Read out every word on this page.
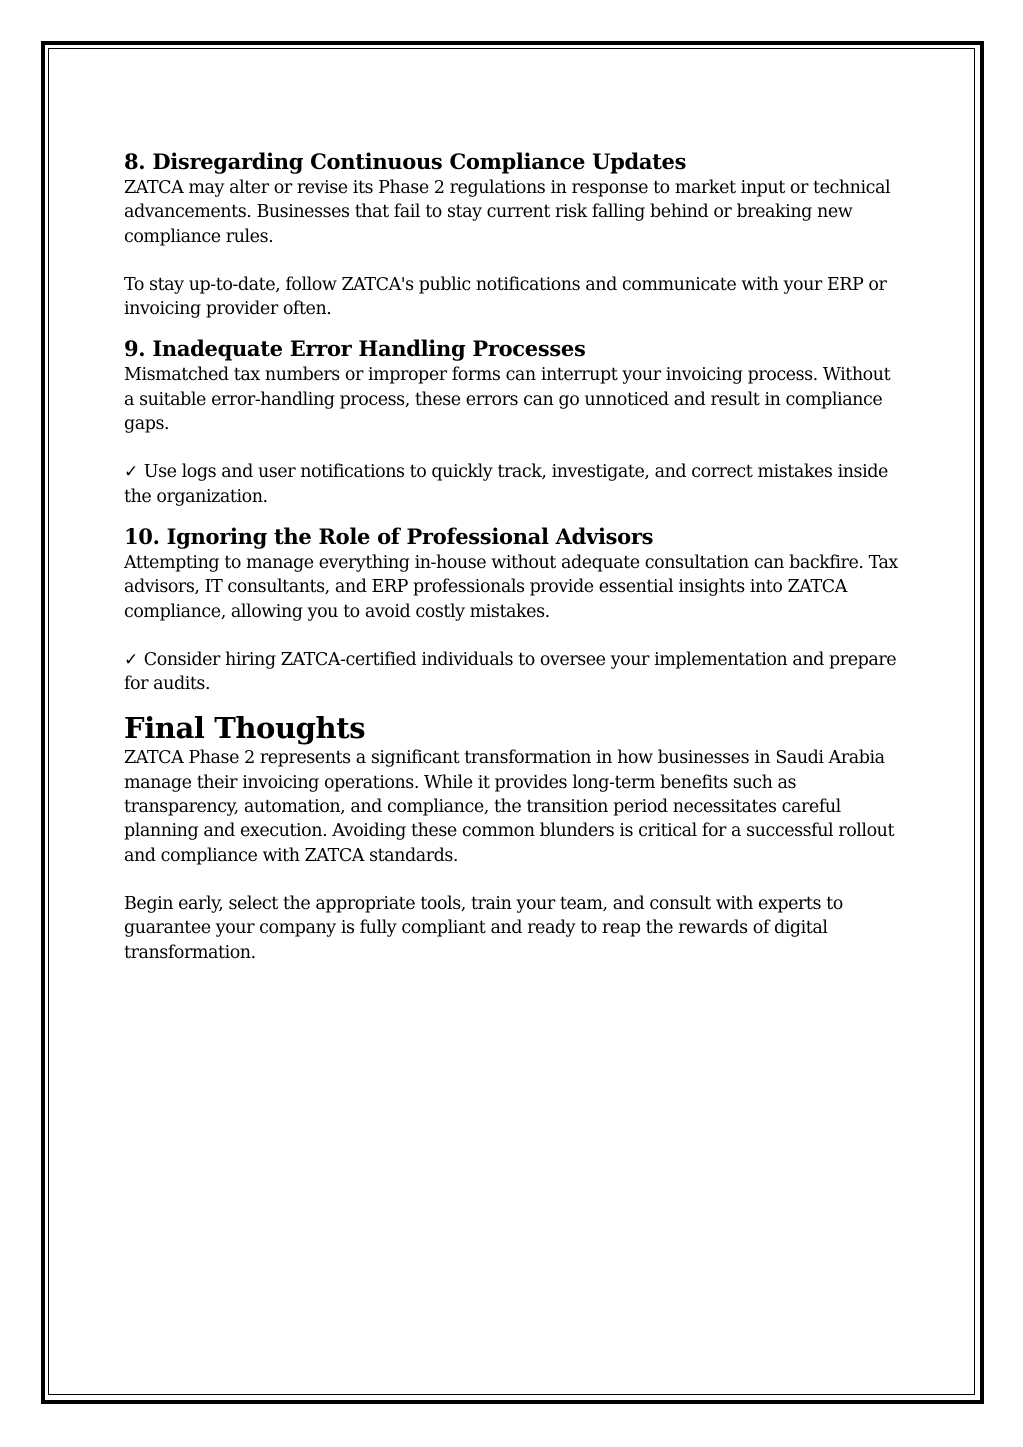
8. Disregarding Continuous Compliance Updates

ZATCA may alter or revise its Phase 2 regulations in response to market input or technical advancements. Businesses that fail to stay current risk falling behind or breaking new compliance rules.

To stay up-to-date, follow ZATCA's public notifications and communicate with your ERP or invoicing provider often.

9. Inadequate Error Handling Processes

Mismatched tax numbers or improper forms can interrupt your invoicing process. Without a suitable error-handling process, these errors can go unnoticed and result in compliance gaps.

✓ Use logs and user notifications to quickly track, investigate, and correct mistakes inside the organization.

10. Ignoring the Role of Professional Advisors

Attempting to manage everything in-house without adequate consultation can backfire. Tax advisors, IT consultants, and ERP professionals provide essential insights into ZATCA compliance, allowing you to avoid costly mistakes.

✓ Consider hiring ZATCA-certified individuals to oversee your implementation and prepare for audits.

Final Thoughts

ZATCA Phase 2 represents a significant transformation in how businesses in Saudi Arabia manage their invoicing operations. While it provides long-term benefits such as transparency, automation, and compliance, the transition period necessitates careful planning and execution. Avoiding these common blunders is critical for a successful rollout and compliance with ZATCA standards.

Begin early, select the appropriate tools, train your team, and consult with experts to guarantee your company is fully compliant and ready to reap the rewards of digital transformation.
